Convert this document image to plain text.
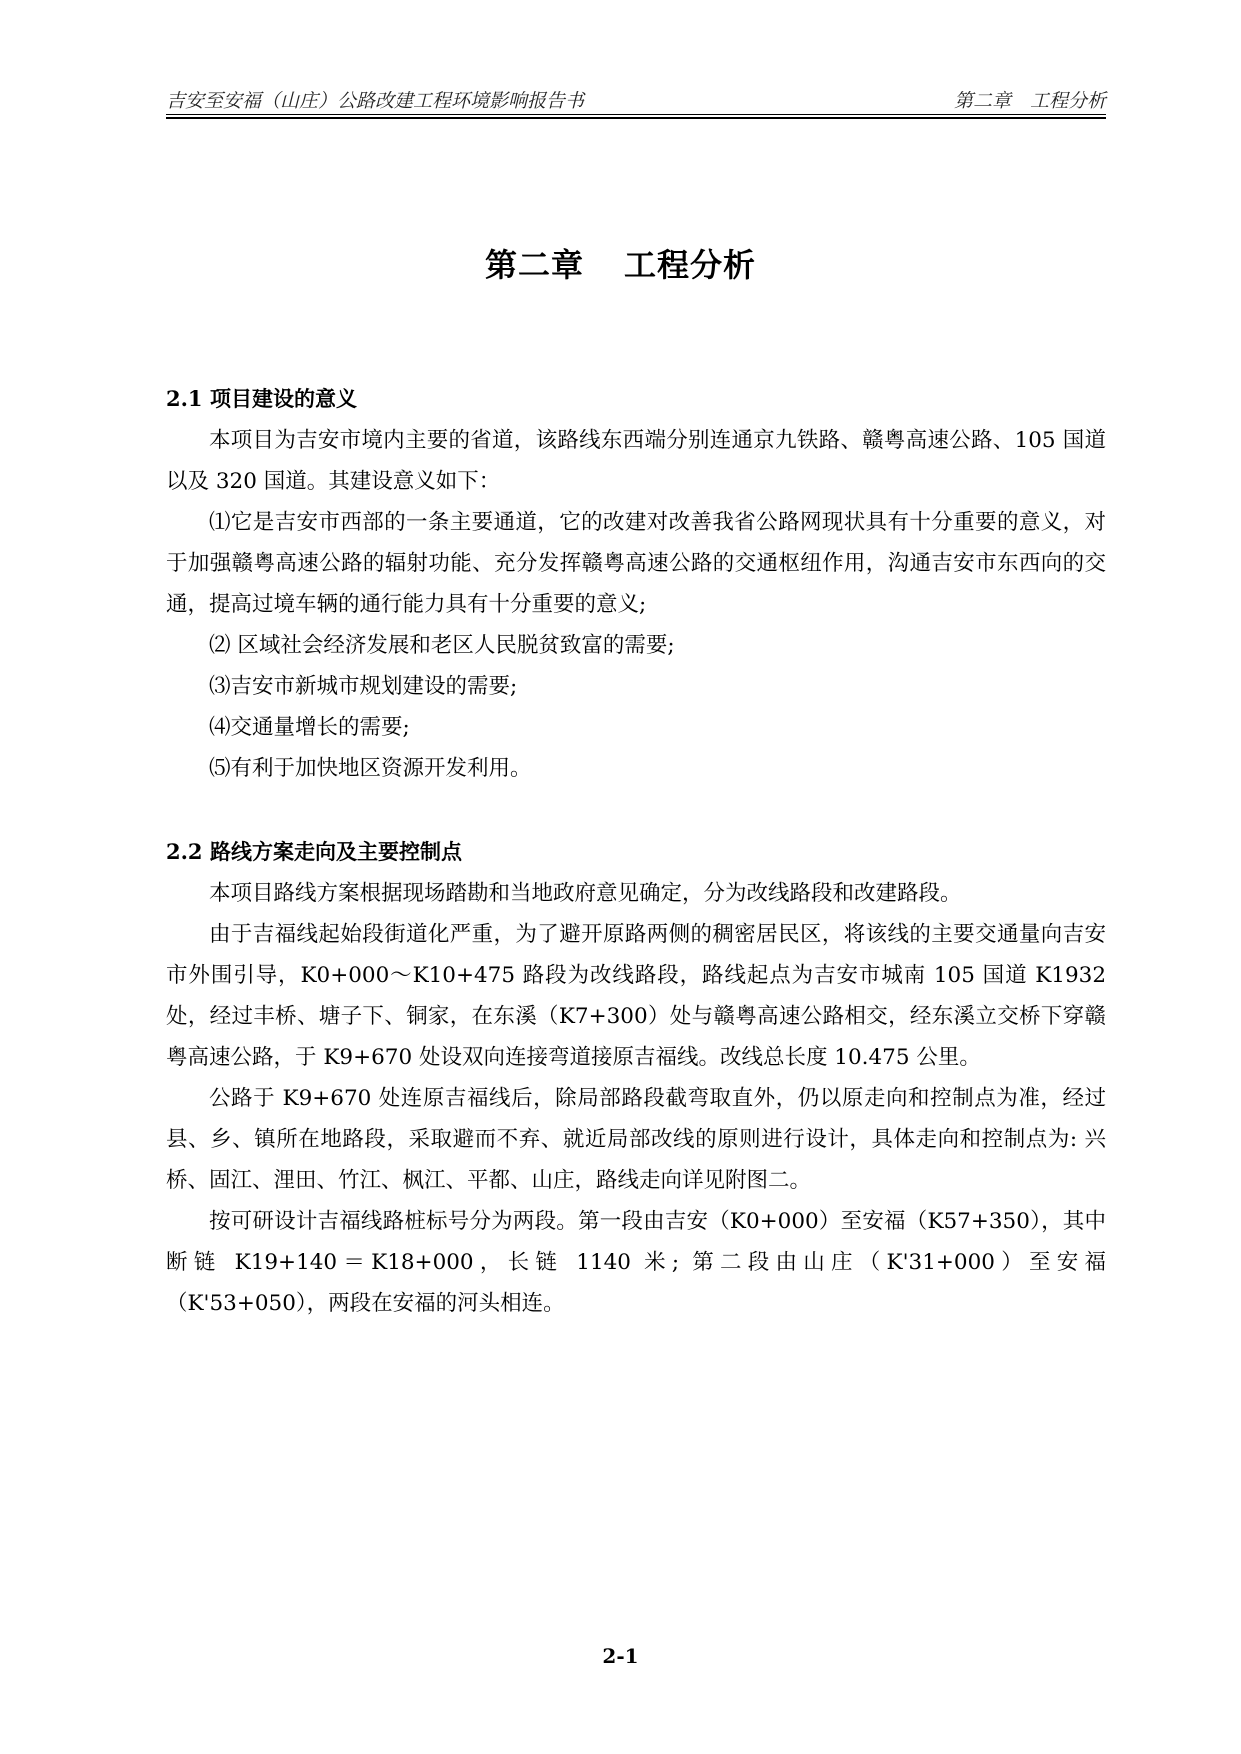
吉安至安福（山庄）公路改建工程环境影响报告书	第二章　工程分析
第二章 工程分析
2.1 项目建设的意义

本项目为吉安市境内主要的省道，该路线东西端分别连通京九铁路、赣粤高速公路、105 国道以及 320 国道。其建设意义如下：

⑴它是吉安市西部的一条主要通道，它的改建对改善我省公路网现状具有十分重要的意义，对于加强赣粤高速公路的辐射功能、充分发挥赣粤高速公路的交通枢纽作用，沟通吉安市东西向的交通，提高过境车辆的通行能力具有十分重要的意义;

⑵ 区域社会经济发展和老区人民脱贫致富的需要;

⑶吉安市新城市规划建设的需要;

⑷交通量增长的需要;

⑸有利于加快地区资源开发利用。

2.2 路线方案走向及主要控制点

本项目路线方案根据现场踏勘和当地政府意见确定，分为改线路段和改建路段。

由于吉福线起始段街道化严重，为了避开原路两侧的稠密居民区，将该线的主要交通量向吉安市外围引导，K0+000～K10+475 路段为改线路段，路线起点为吉安市城南 105 国道 K1932 处，经过丰桥、塘子下、铜家，在东溪（K7+300）处与赣粤高速公路相交，经东溪立交桥下穿赣粤高速公路，于 K9+670 处设双向连接弯道接原吉福线。改线总长度 10.475 公里。

公路于 K9+670 处连原吉福线后，除局部路段截弯取直外，仍以原走向和控制点为准，经过县、乡、镇所在地路段，采取避而不弃、就近局部改线的原则进行设计，具体走向和控制点为: 兴桥、固江、浬田、竹江、枫江、平都、山庄，路线走向详见附图二。

按可研设计吉福线路桩标号分为两段。第一段由吉安（K0+000）至安福（K57+350），其中断链 K19+140＝K18+000，长链 1140 米; 第二段由山庄（K'31+000）至安福（K'53+050），两段在安福的河头相连。

2-1
